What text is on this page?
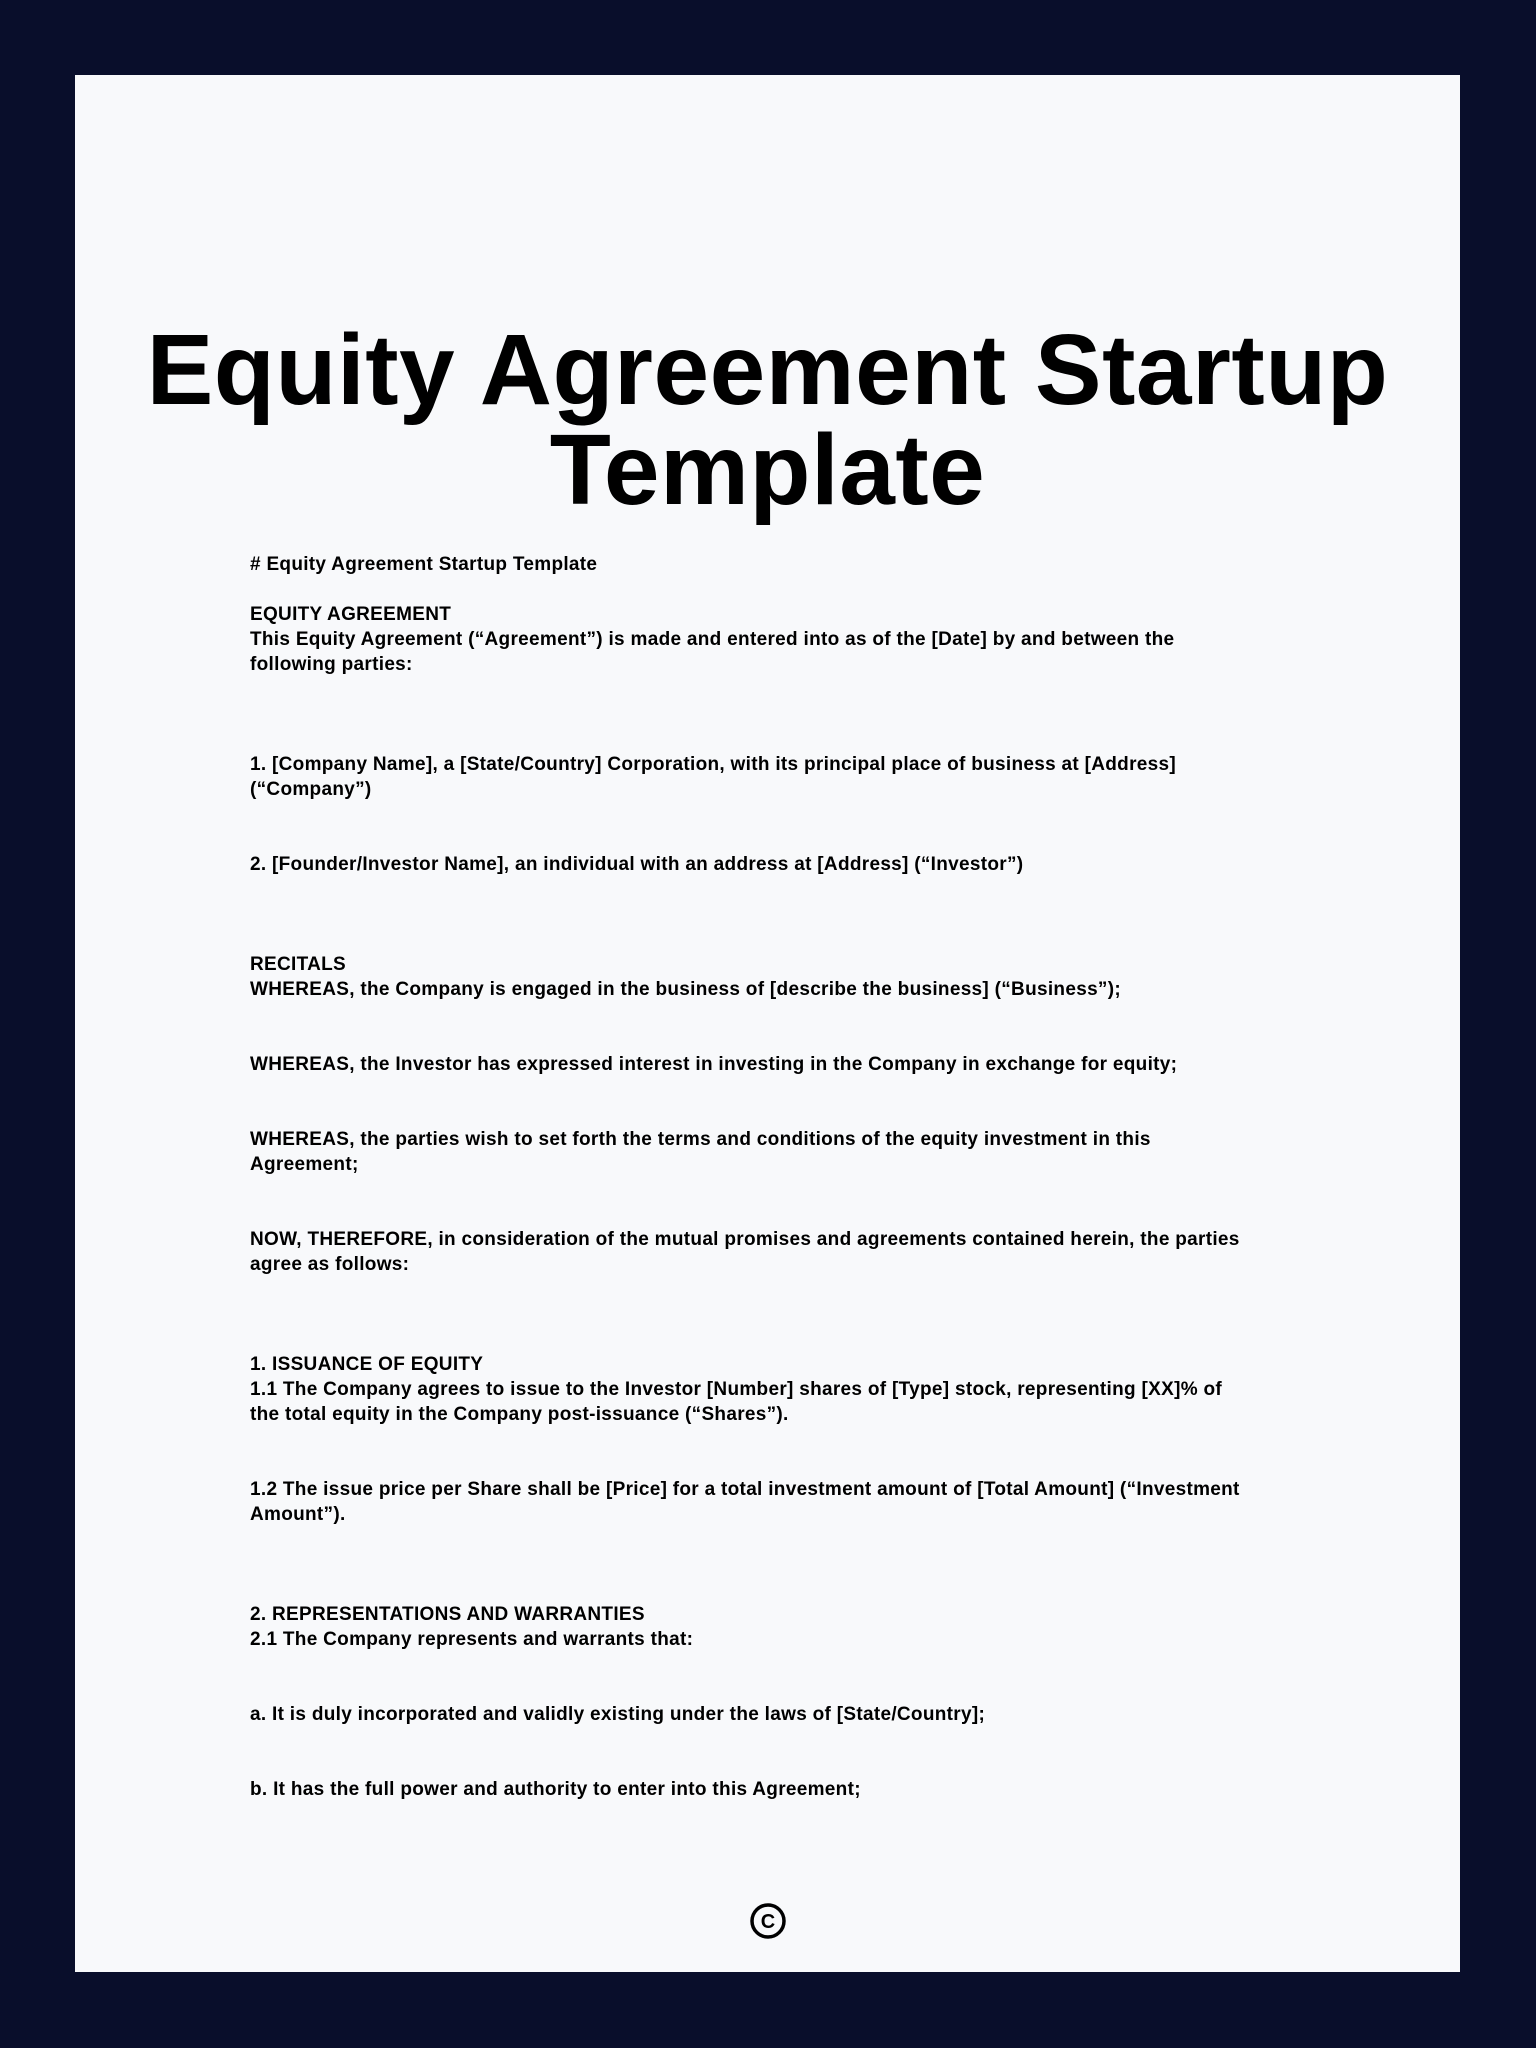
Equity Agreement Startup
Template
# Equity Agreement Startup Template
EQUITY AGREEMENT
This Equity Agreement (“Agreement”) is made and entered into as of the [Date] by and between the
following parties:
1. [Company Name], a [State/Country] Corporation, with its principal place of business at [Address]
(“Company”)
2. [Founder/Investor Name], an individual with an address at [Address] (“Investor”)
RECITALS
WHEREAS, the Company is engaged in the business of [describe the business] (“Business”);
WHEREAS, the Investor has expressed interest in investing in the Company in exchange for equity;
WHEREAS, the parties wish to set forth the terms and conditions of the equity investment in this
Agreement;
NOW, THEREFORE, in consideration of the mutual promises and agreements contained herein, the parties
agree as follows:
1. ISSUANCE OF EQUITY
1.1 The Company agrees to issue to the Investor [Number] shares of [Type] stock, representing [XX]% of
the total equity in the Company post-issuance (“Shares”).
1.2 The issue price per Share shall be [Price] for a total investment amount of [Total Amount] (“Investment
Amount”).
2. REPRESENTATIONS AND WARRANTIES
2.1 The Company represents and warrants that:
a. It is duly incorporated and validly existing under the laws of [State/Country];
b. It has the full power and authority to enter into this Agreement;
C
